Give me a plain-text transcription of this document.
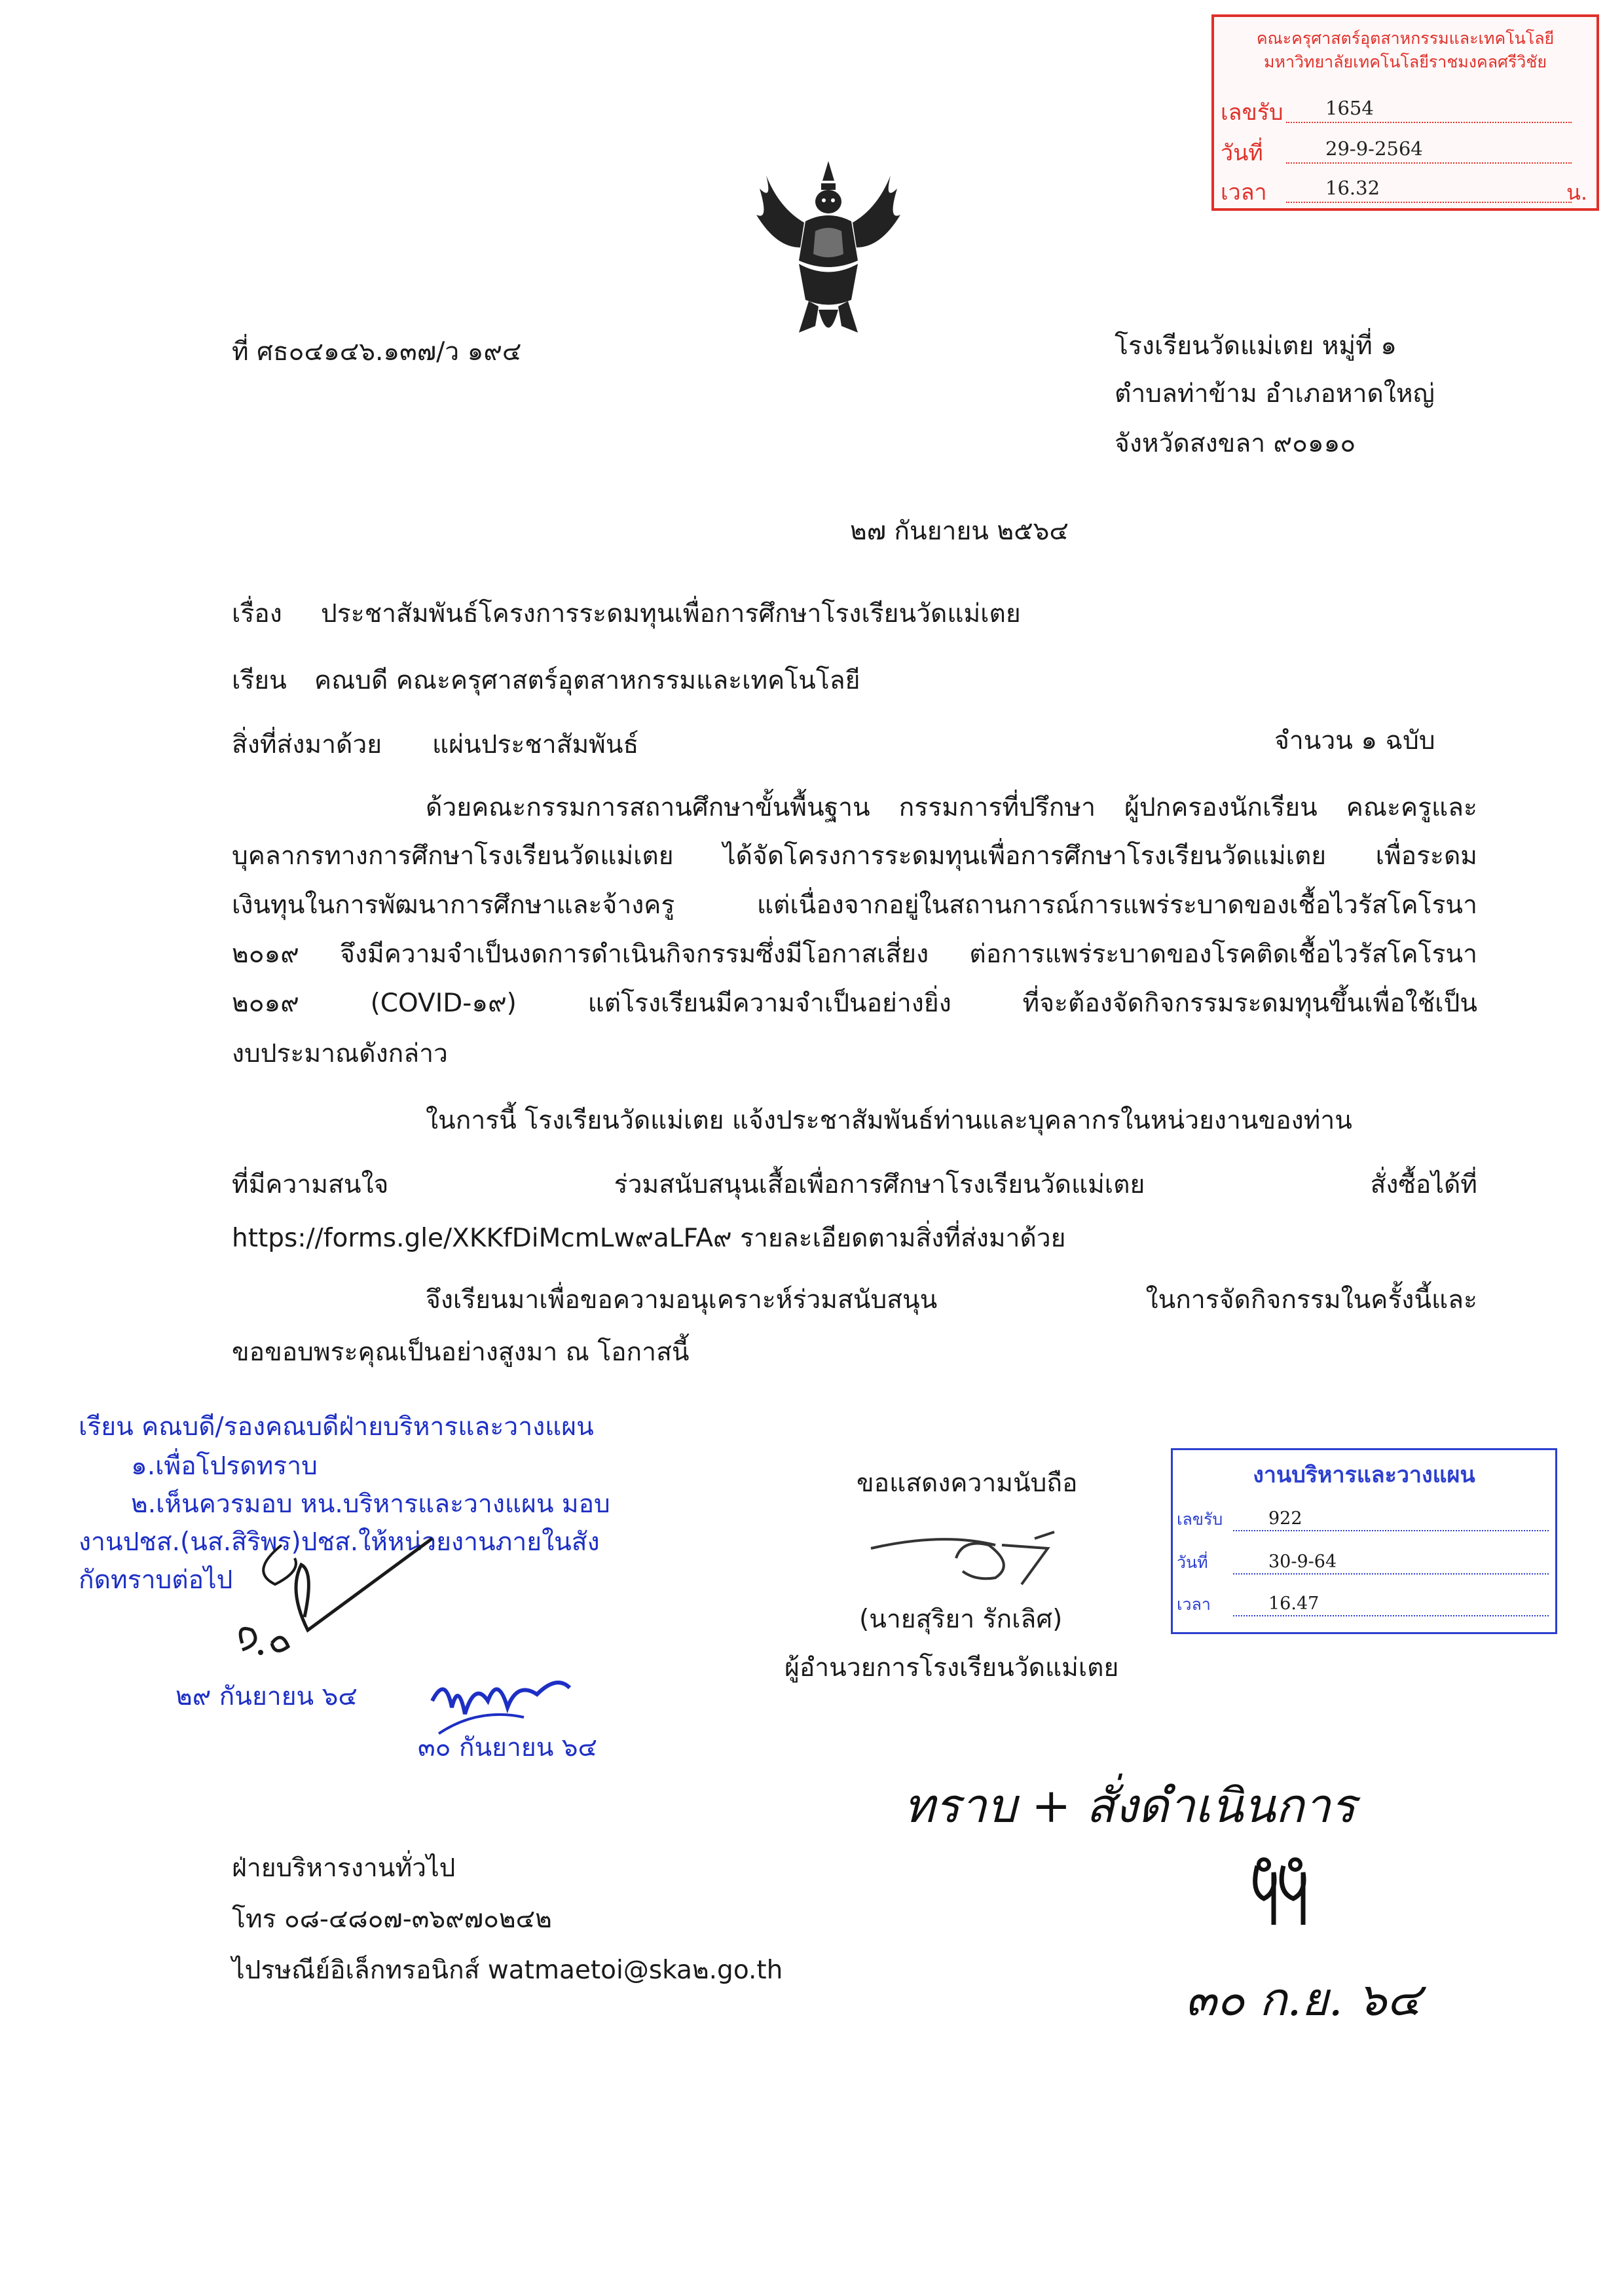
คณะครุศาสตร์อุตสาหกรรมและเทคโนโลยี
มหาวิทยาลัยเทคโนโลยีราชมงคลศรีวิชัย
เลขรับ 1654
วันที่	29-9-2564
เวลา	16.32	น.
ที่ ศธ๐๔๑๔๖.๑๓๗/ว ๑๙๔	โรงเรียนวัดแม่เตย หมู่ที่ ๑
ตำบลท่าข้าม อำเภอหาดใหญ่
จังหวัดสงขลา ๙๐๑๑๐
๒๗ กันยายน ๒๕๖๔
เรื่อง ประชาสัมพันธ์โครงการระดมทุนเพื่อการศึกษาโรงเรียนวัดแม่เตย
เรียน คณบดี คณะครุศาสตร์อุตสาหกรรมและเทคโนโลยี
สิ่งที่ส่งมาด้วย แผ่นประชาสัมพันธ์	จำนวน ๑ ฉบับ
ด้วยคณะกรรมการสถานศึกษาขั้นพื้นฐาน กรรมการที่ปรึกษา ผู้ปกครองนักเรียน คณะครูและ
บุคลากรทางการศึกษาโรงเรียนวัดแม่เตย ได้จัดโครงการระดมทุนเพื่อการศึกษาโรงเรียนวัดแม่เตย เพื่อระดม
เงินทุนในการพัฒนาการศึกษาและจ้างครู แต่เนื่องจากอยู่ในสถานการณ์การแพร่ระบาดของเชื้อไวรัสโคโรนา
๒๐๑๙ จึงมีความจำเป็นงดการดำเนินกิจกรรมซึ่งมีโอกาสเสี่ยง ต่อการแพร่ระบาดของโรคติดเชื้อไวรัสโคโรนา
๒๐๑๙ (COVID-๑๙) แต่โรงเรียนมีความจำเป็นอย่างยิ่ง ที่จะต้องจัดกิจกรรมระดมทุนขึ้นเพื่อใช้เป็น
งบประมาณดังกล่าว
ในการนี้ โรงเรียนวัดแม่เตย แจ้งประชาสัมพันธ์ท่านและบุคลากรในหน่วยงานของท่าน
ที่มีความสนใจ ร่วมสนับสนุนเสื้อเพื่อการศึกษาโรงเรียนวัดแม่เตย สั่งซื้อได้ที่
https://forms.gle/XKKfDiMcmLw๙aLFA๙ รายละเอียดตามสิ่งที่ส่งมาด้วย
จึงเรียนมาเพื่อขอความอนุเคราะห์ร่วมสนับสนุน ในการจัดกิจกรรมในครั้งนี้และ
ขอขอบพระคุณเป็นอย่างสูงมา ณ โอกาสนี้
เรียน คณบดี/รองคณบดีฝ่ายบริหารและวางแผน
๑.เพื่อโปรดทราบ
๒.เห็นควรมอบ หน.บริหารและวางแผน มอบ
งานปชส.(นส.สิริพร)ปชส.ให้หน่วยงานภายในสัง
กัดทราบต่อไป
๒๙ กันยายน ๖๔
๓๐ กันยายน ๖๔
ขอแสดงความนับถือ
(นายสุริยา รักเลิศ)
ผู้อำนวยการโรงเรียนวัดแม่เตย
งานบริหารและวางแผน
เลขรับ	922
วันที่	30-9-64
เวลา	16.47
ทราบ + สั่งดำเนินการ
๓๐ ก.ย. ๖๔
ฝ่ายบริหารงานทั่วไป
โทร ๐๘-๔๘๐๗-๓๖๙๗๐๒๔๒
ไปรษณีย์อิเล็กทรอนิกส์ watmaetoi@ska๒.go.th
